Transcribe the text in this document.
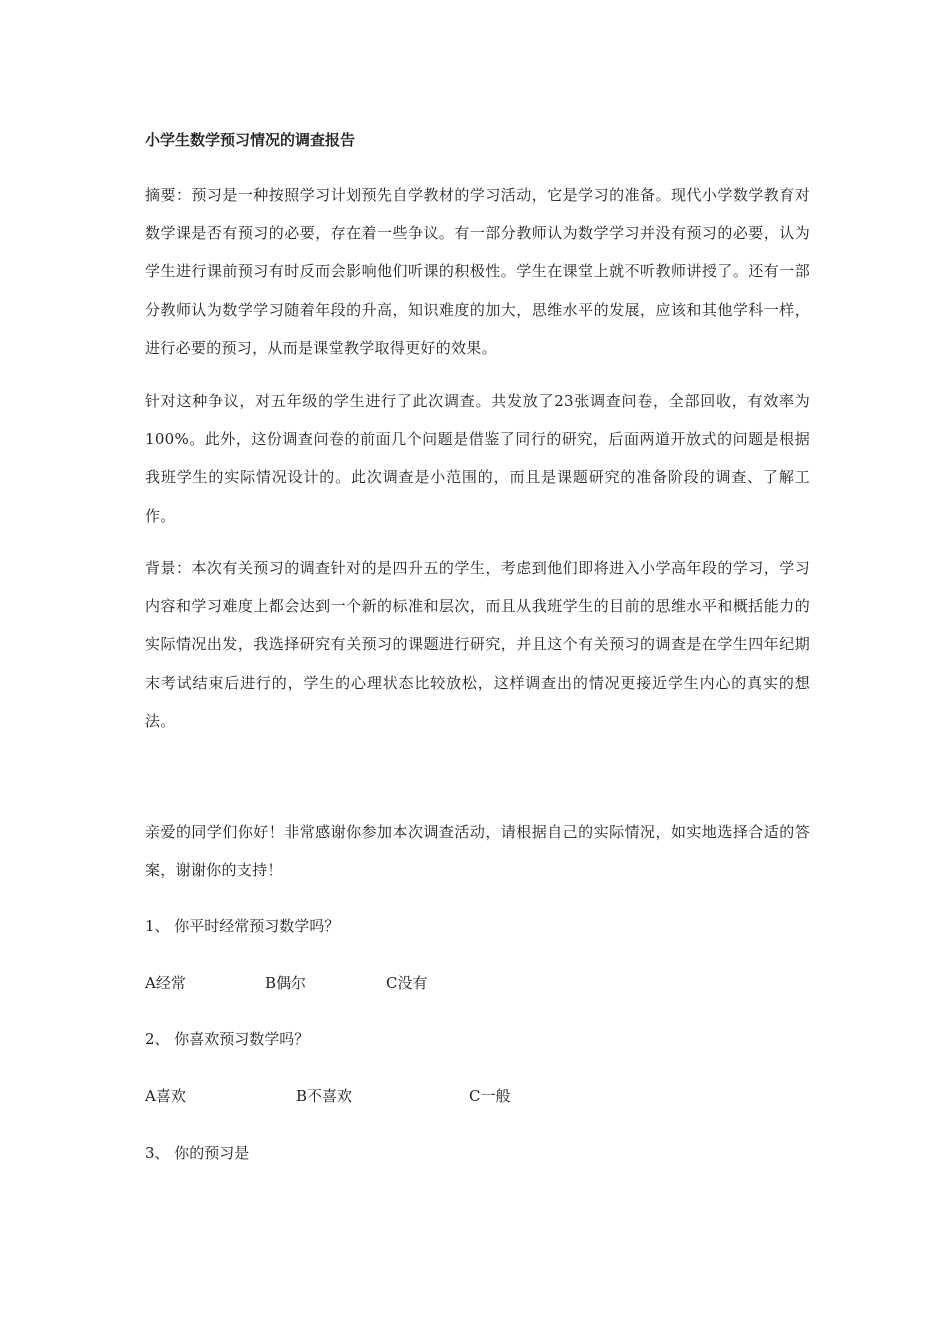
小学生数学预习情况的调查报告
摘要：预习是一种按照学习计划预先自学教材的学习活动，它是学习的准备。现代小学数学教育对数学课是否有预习的必要，存在着一些争议。有一部分教师认为数学学习并没有预习的必要，认为学生进行课前预习有时反而会影响他们听课的积极性。学生在课堂上就不听教师讲授了。还有一部分教师认为数学学习随着年段的升高，知识难度的加大，思维水平的发展，应该和其他学科一样，进行必要的预习，从而是课堂教学取得更好的效果。
针对这种争议，对五年级的学生进行了此次调查。共发放了23张调查问卷，全部回收，有效率为100%。此外，这份调查问卷的前面几个问题是借鉴了同行的研究，后面两道开放式的问题是根据我班学生的实际情况设计的。此次调查是小范围的，而且是课题研究的准备阶段的调查、了解工作。
背景：本次有关预习的调查针对的是四升五的学生，考虑到他们即将进入小学高年段的学习，学习内容和学习难度上都会达到一个新的标准和层次，而且从我班学生的目前的思维水平和概括能力的实际情况出发，我选择研究有关预习的课题进行研究，并且这个有关预习的调查是在学生四年纪期末考试结束后进行的，学生的心理状态比较放松，这样调查出的情况更接近学生内心的真实的想法。
亲爱的同学们你好！非常感谢你参加本次调查活动，请根据自己的实际情况，如实地选择合适的答案，谢谢你的支持！
1、 你平时经常预习数学吗？
A经常	B偶尔	C没有
2、 你喜欢预习数学吗？
A喜欢	B不喜欢	C一般
3、 你的预习是
